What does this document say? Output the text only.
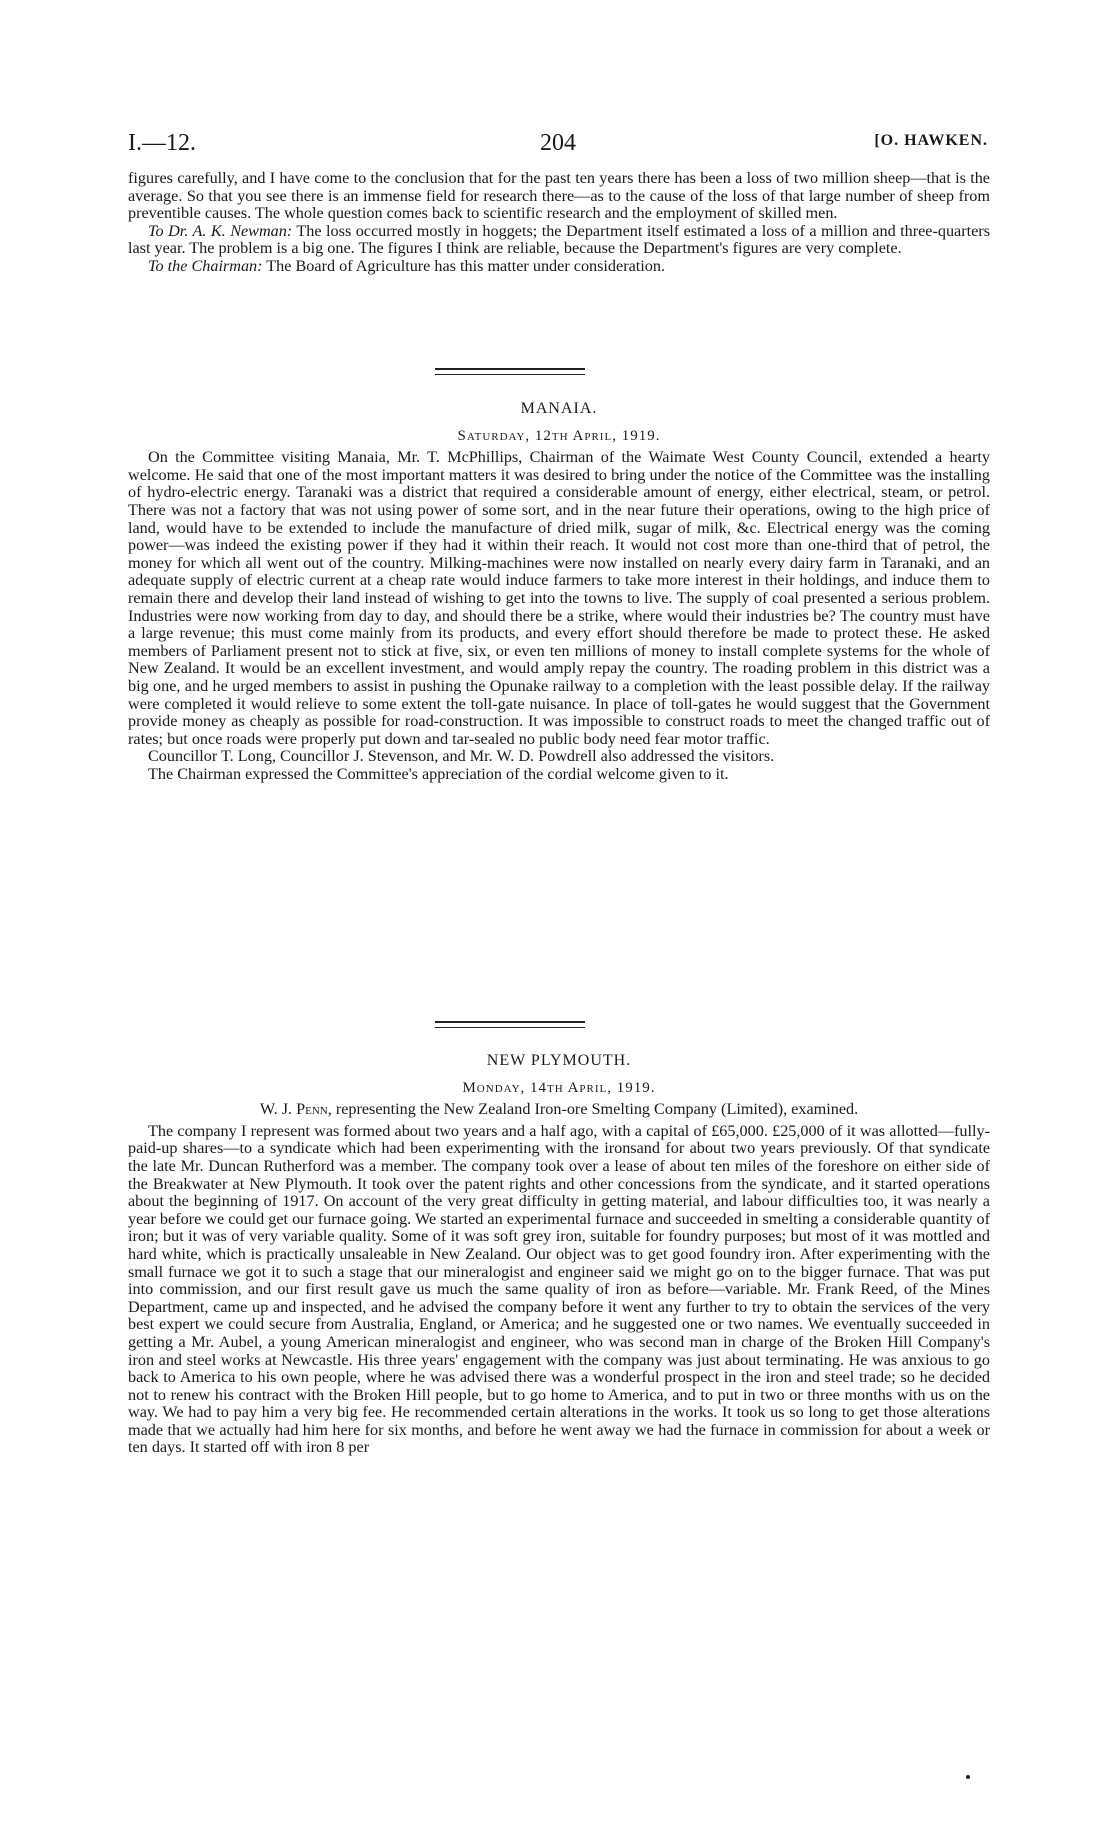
I.—12.	204	[O. HAWKEN.

figures carefully, and I have come to the conclusion that for the past ten years there has been a loss of two million sheep—that is the average. So that you see there is an immense field for research there—as to the cause of the loss of that large number of sheep from preventible causes. The whole question comes back to scientific research and the employment of skilled men.

To Dr. A. K. Newman: The loss occurred mostly in hoggets; the Department itself estimated a loss of a million and three-quarters last year. The problem is a big one. The figures I think are reliable, because the Department's figures are very complete.

To the Chairman: The Board of Agriculture has this matter under consideration.

MANAIA.

Saturday, 12th April, 1919.

On the Committee visiting Manaia, Mr. T. McPhillips, Chairman of the Waimate West County Council, extended a hearty welcome. He said that one of the most important matters it was desired to bring under the notice of the Committee was the installing of hydro-electric energy. Taranaki was a district that required a considerable amount of energy, either electrical, steam, or petrol. There was not a factory that was not using power of some sort, and in the near future their operations, owing to the high price of land, would have to be extended to include the manufacture of dried milk, sugar of milk, &c. Electrical energy was the coming power—was indeed the existing power if they had it within their reach. It would not cost more than one-third that of petrol, the money for which all went out of the country. Milking-machines were now installed on nearly every dairy farm in Taranaki, and an adequate supply of electric current at a cheap rate would induce farmers to take more interest in their holdings, and induce them to remain there and develop their land instead of wishing to get into the towns to live. The supply of coal presented a serious problem. Industries were now working from day to day, and should there be a strike, where would their industries be? The country must have a large revenue; this must come mainly from its products, and every effort should therefore be made to protect these. He asked members of Parliament present not to stick at five, six, or even ten millions of money to install complete systems for the whole of New Zealand. It would be an excellent investment, and would amply repay the country. The roading problem in this district was a big one, and he urged members to assist in pushing the Opunake railway to a completion with the least possible delay. If the railway were completed it would relieve to some extent the toll-gate nuisance. In place of toll-gates he would suggest that the Government provide money as cheaply as possible for road-construction. It was impossible to construct roads to meet the changed traffic out of rates; but once roads were properly put down and tar-sealed no public body need fear motor traffic.

Councillor T. Long, Councillor J. Stevenson, and Mr. W. D. Powdrell also addressed the visitors.

The Chairman expressed the Committee's appreciation of the cordial welcome given to it.

NEW PLYMOUTH.

Monday, 14th April, 1919.

W. J. Penn, representing the New Zealand Iron-ore Smelting Company (Limited), examined.

The company I represent was formed about two years and a half ago, with a capital of £65,000. £25,000 of it was allotted—fully-paid-up shares—to a syndicate which had been experimenting with the ironsand for about two years previously. Of that syndicate the late Mr. Duncan Rutherford was a member. The company took over a lease of about ten miles of the foreshore on either side of the Breakwater at New Plymouth. It took over the patent rights and other concessions from the syndicate, and it started operations about the beginning of 1917. On account of the very great difficulty in getting material, and labour difficulties too, it was nearly a year before we could get our furnace going. We started an experimental furnace and succeeded in smelting a considerable quantity of iron; but it was of very variable quality. Some of it was soft grey iron, suitable for foundry purposes; but most of it was mottled and hard white, which is practically unsaleable in New Zealand. Our object was to get good foundry iron. After experimenting with the small furnace we got it to such a stage that our mineralogist and engineer said we might go on to the bigger furnace. That was put into commission, and our first result gave us much the same quality of iron as before—variable. Mr. Frank Reed, of the Mines Department, came up and inspected, and he advised the company before it went any further to try to obtain the services of the very best expert we could secure from Australia, England, or America; and he suggested one or two names. We eventually succeeded in getting a Mr. Aubel, a young American mineralogist and engineer, who was second man in charge of the Broken Hill Company's iron and steel works at Newcastle. His three years' engagement with the company was just about terminating. He was anxious to go back to America to his own people, where he was advised there was a wonderful prospect in the iron and steel trade; so he decided not to renew his contract with the Broken Hill people, but to go home to America, and to put in two or three months with us on the way. We had to pay him a very big fee. He recommended certain alterations in the works. It took us so long to get those alterations made that we actually had him here for six months, and before he went away we had the furnace in commission for about a week or ten days. It started off with iron 8 per
